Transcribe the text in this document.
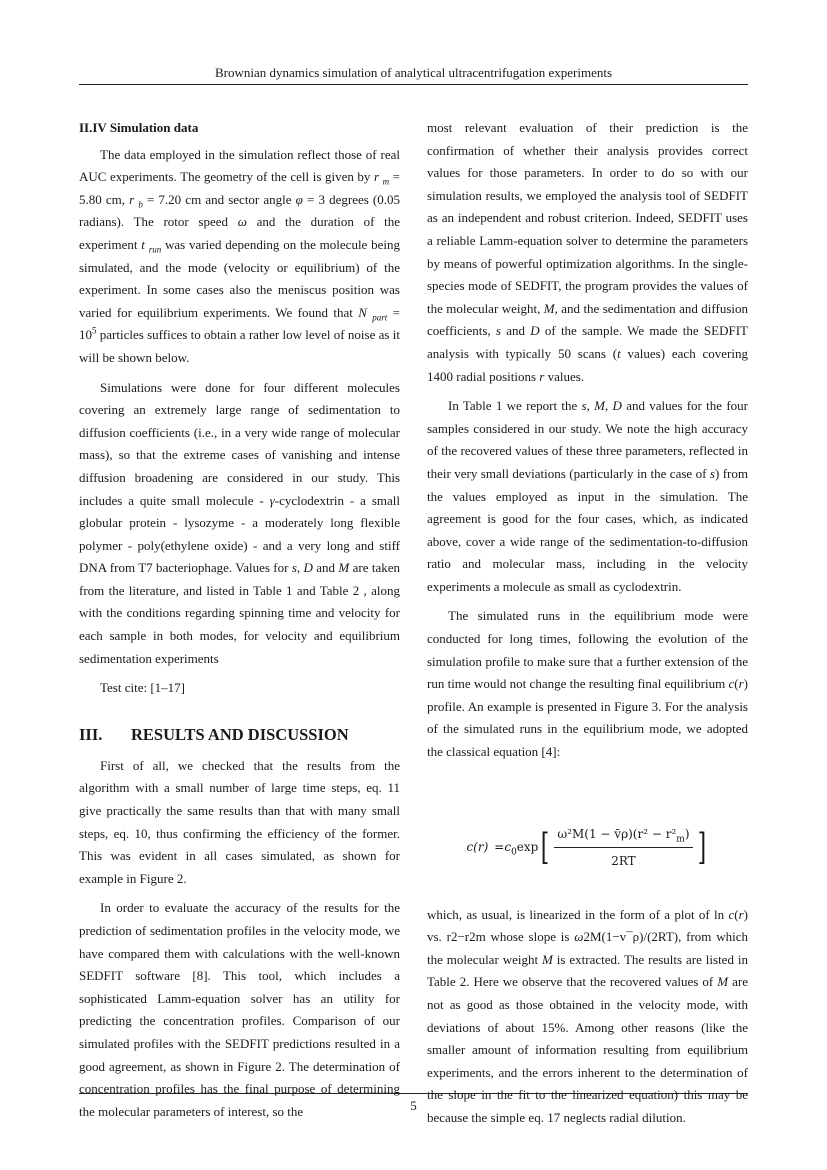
Brownian dynamics simulation of analytical ultracentrifugation experiments
II.IV Simulation data

The data employed in the simulation reflect those of real AUC experiments. The geometry of the cell is given by r $_m$ = 5.80 cm, r $_b$ = 7.20 cm and sector angle φ = 3 degrees (0.05 radians). The rotor speed ω and the duration of the experiment t $_{run}$ was varied depending on the molecule being simulated, and the mode (velocity or equilibrium) of the experiment. In some cases also the meniscus position was varied for equilibrium experiments. We found that N $_{part} = 10^5$ particles suffices to obtain a rather low level of noise as it will be shown below.

Simulations were done for four different molecules covering an extremely large range of sedimentation to diffusion coefficients (i.e., in a very wide range of molecular mass), so that the extreme cases of vanishing and intense diffusion broadening are considered in our study. This includes a quite small molecule - γ-cyclodextrin - a small globular protein - lysozyme - a moderately long flexible polymer - poly(ethylene oxide) - and a very long and stiff DNA from T7 bacteriophage. Values for s, D and M are taken from the literature, and listed in Table 1 and Table 2 , along with the conditions regarding spinning time and velocity for each sample in both modes, for velocity and equilibrium sedimentation experiments

Test cite: [1–17]

III.	RESULTS AND DISCUSSION

First of all, we checked that the results from the algorithm with a small number of large time steps, eq. 11 give practically the same results than that with many small steps, eq. 10, thus confirming the efficiency of the former. This was evident in all cases simulated, as shown for example in Figure 2.

In order to evaluate the accuracy of the results for the prediction of sedimentation profiles in the velocity mode, we have compared them with calculations with the well-known SEDFIT software [8]. This tool, which includes a sophisticated Lamm-equation solver has an utility for predicting the concentration profiles. Comparison of our simulated profiles with the SEDFIT predictions resulted in a good agreement, as shown in Figure 2. The determination of concentration profiles has the final purpose of determining the molecular parameters of interest, so the

most relevant evaluation of their prediction is the confirmation of whether their analysis provides correct values for those parameters. In order to do so with our simulation results, we employed the analysis tool of SEDFIT as an independent and robust criterion. Indeed, SEDFIT uses a reliable Lamm-equation solver to determine the parameters by means of powerful optimization algorithms. In the single-species mode of SEDFIT, the program provides the values of the molecular weight, M, and the sedimentation and diffusion coefficients, s and D of the sample. We made the SEDFIT analysis with typically 50 scans (t values) each covering 1400 radial positions r values.

In Table 1 we report the s, M, D and values for the four samples considered in our study. We note the high accuracy of the recovered values of these three parameters, reflected in their very small deviations (particularly in the case of s) from the values employed as input in the simulation. The agreement is good for the four cases, which, as indicated above, cover a wide range of the sedimentation-to-diffusion ratio and molecular mass, including in the velocity experiments a molecule as small as cyclodextrin.

The simulated runs in the equilibrium mode were conducted for long times, following the evolution of the simulation profile to make sure that a further extension of the run time would not change the resulting final equilibrium c(r) profile. An example is presented in Figure 3. For the analysis of the simulated runs in the equilibrium mode, we adopted the classical equation [4]:

$c(r) = c_0$ exp [ $\frac{\omega^2M(1 - v̄\rho)(r^2 - r^2_m)}{2RT}$ ]

which, as usual, is linearized in the form of a plot of ln c(r) vs. r2−r2m whose slope is ω2M(1−v¯ρ)/(2RT), from which the molecular weight M is extracted. The results are listed in Table 2. Here we observe that the recovered values of M are not as good as those obtained in the velocity mode, with deviations of about 15%. Among other reasons (like the smaller amount of information resulting from equilibrium experiments, and the errors inherent to the determination of the slope in the fit to the linearized equation) this may be because the simple eq. 17 neglects radial dilution.

5
